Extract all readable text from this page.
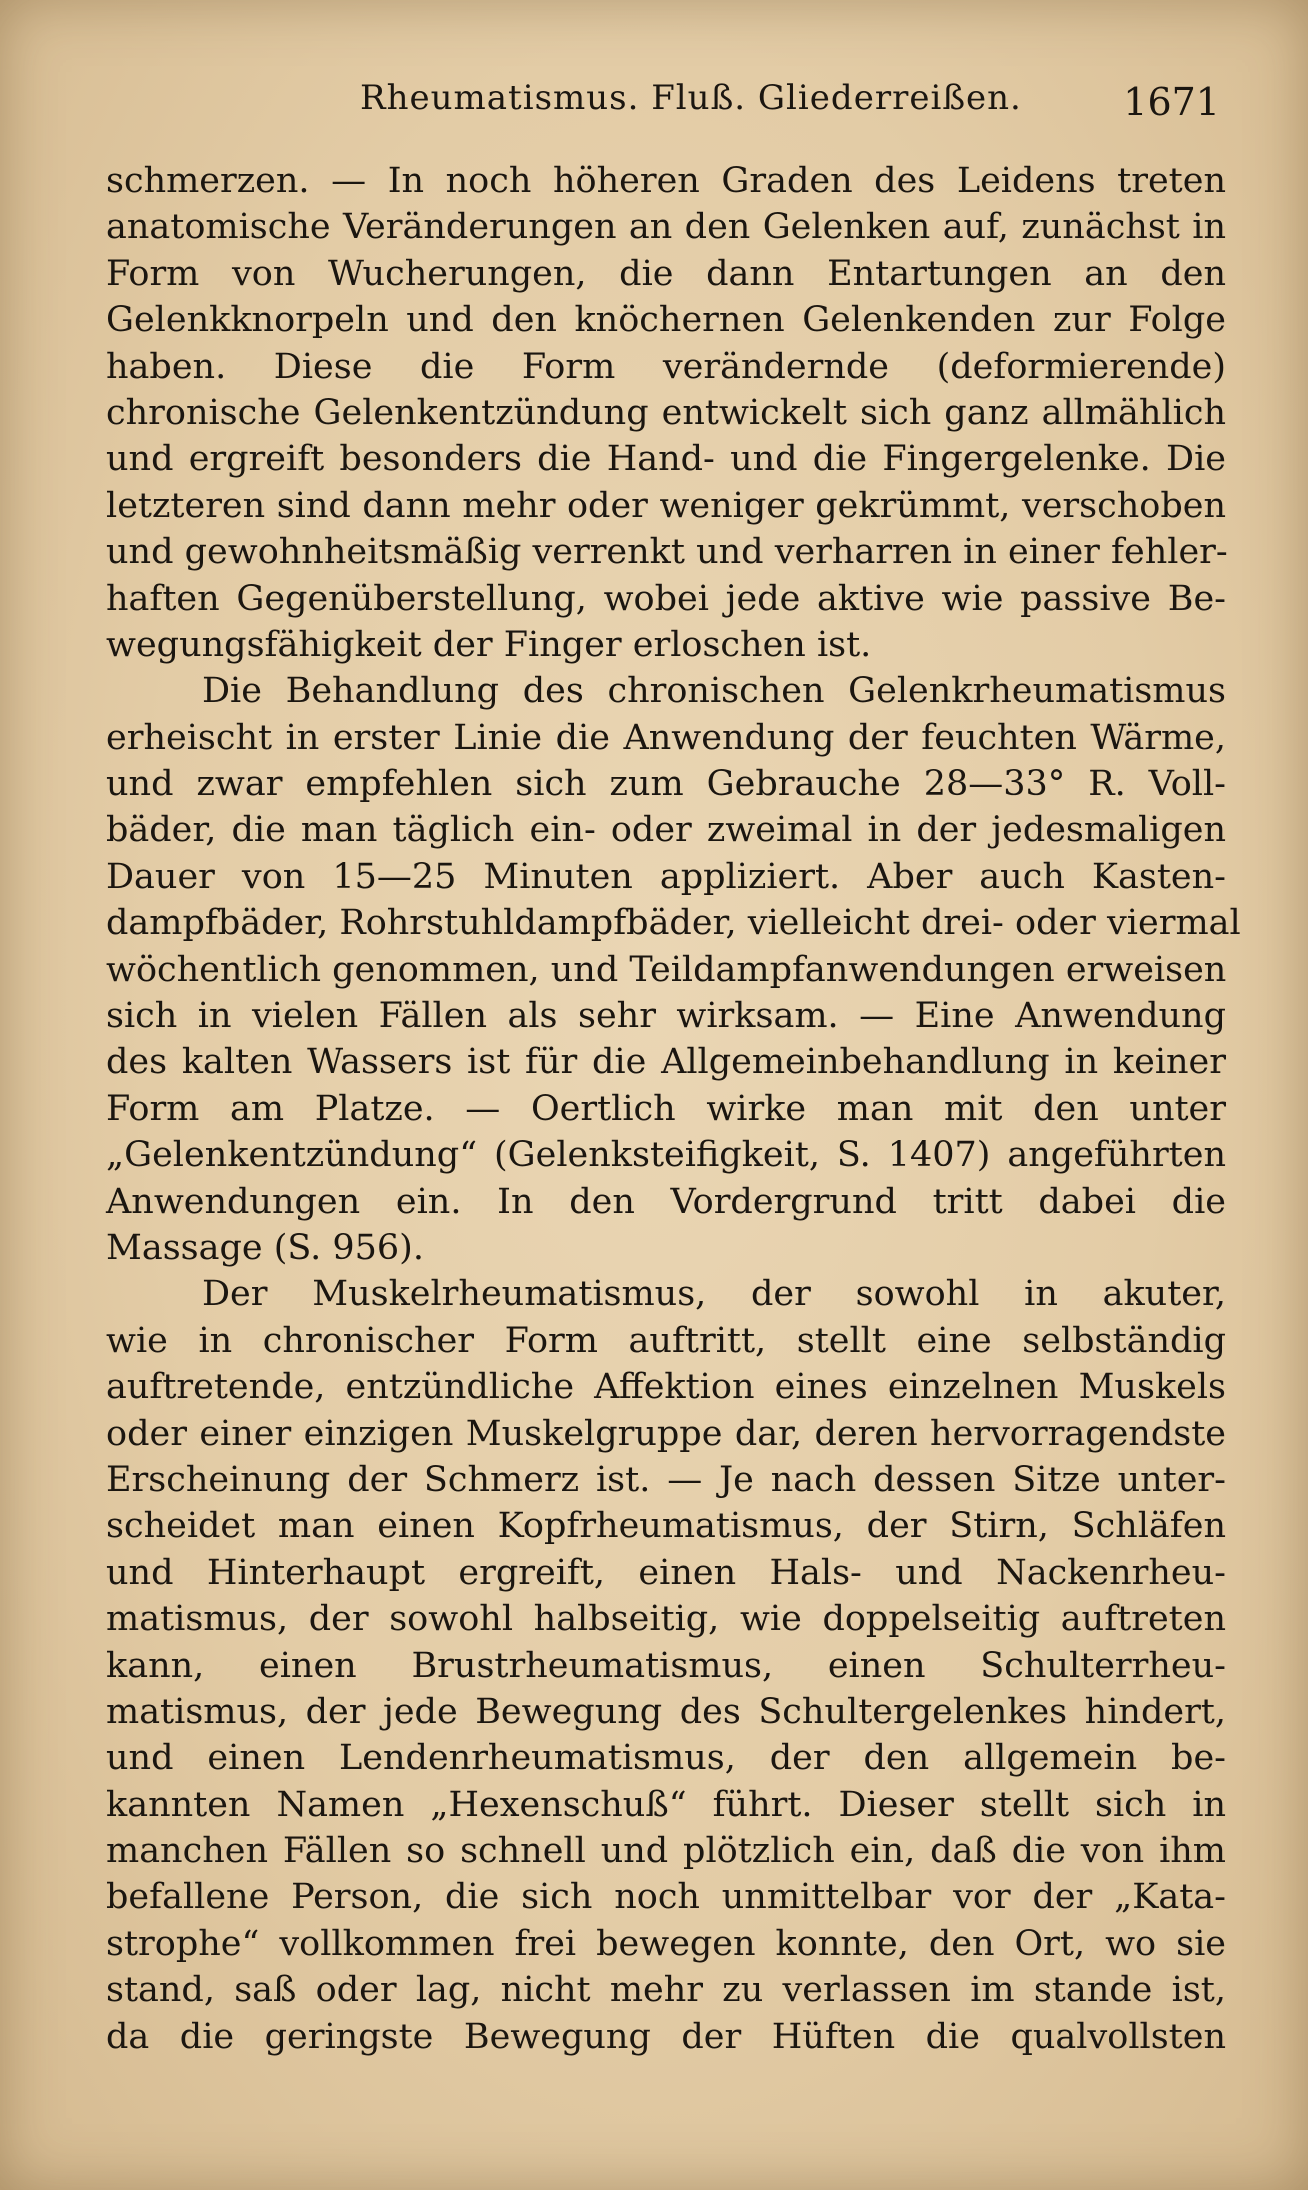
Rheumatismus. Fluß. Gliederreißen.	1671
schmerzen. — In noch höheren Graden des Leidens treten
anatomische Veränderungen an den Gelenken auf, zunächst in
Form von Wucherungen, die dann Entartungen an den
Gelenkknorpeln und den knöchernen Gelenkenden zur Folge
haben. Diese die Form verändernde (deformierende)
chronische Gelenkentzündung entwickelt sich ganz allmählich
und ergreift besonders die Hand- und die Fingergelenke. Die
letzteren sind dann mehr oder weniger gekrümmt, verschoben
und gewohnheitsmäßig verrenkt und verharren in einer fehler-
haften Gegenüberstellung, wobei jede aktive wie passive Be-
wegungsfähigkeit der Finger erloschen ist.
Die Behandlung des chronischen Gelenkrheumatismus
erheischt in erster Linie die Anwendung der feuchten Wärme,
und zwar empfehlen sich zum Gebrauche 28—33° R. Voll-
bäder, die man täglich ein- oder zweimal in der jedesmaligen
Dauer von 15—25 Minuten appliziert. Aber auch Kasten-
dampfbäder, Rohrstuhldampfbäder, vielleicht drei- oder viermal
wöchentlich genommen, und Teildampfanwendungen erweisen
sich in vielen Fällen als sehr wirksam. — Eine Anwendung
des kalten Wassers ist für die Allgemeinbehandlung in keiner
Form am Platze. — Oertlich wirke man mit den unter
„Gelenkentzündung“ (Gelenksteifigkeit, S. 1407) angeführten
Anwendungen ein. In den Vordergrund tritt dabei die
Massage (S. 956).
Der Muskelrheumatismus, der sowohl in akuter,
wie in chronischer Form auftritt, stellt eine selbständig
auftretende, entzündliche Affektion eines einzelnen Muskels
oder einer einzigen Muskelgruppe dar, deren hervorragendste
Erscheinung der Schmerz ist. — Je nach dessen Sitze unter-
scheidet man einen Kopfrheumatismus, der Stirn, Schläfen
und Hinterhaupt ergreift, einen Hals- und Nackenrheu-
matismus, der sowohl halbseitig, wie doppelseitig auftreten
kann, einen Brustrheumatismus, einen Schulterrheu-
matismus, der jede Bewegung des Schultergelenkes hindert,
und einen Lendenrheumatismus, der den allgemein be-
kannten Namen „Hexenschuß“ führt. Dieser stellt sich in
manchen Fällen so schnell und plötzlich ein, daß die von ihm
befallene Person, die sich noch unmittelbar vor der „Kata-
strophe“ vollkommen frei bewegen konnte, den Ort, wo sie
stand, saß oder lag, nicht mehr zu verlassen im stande ist,
da die geringste Bewegung der Hüften die qualvollsten
